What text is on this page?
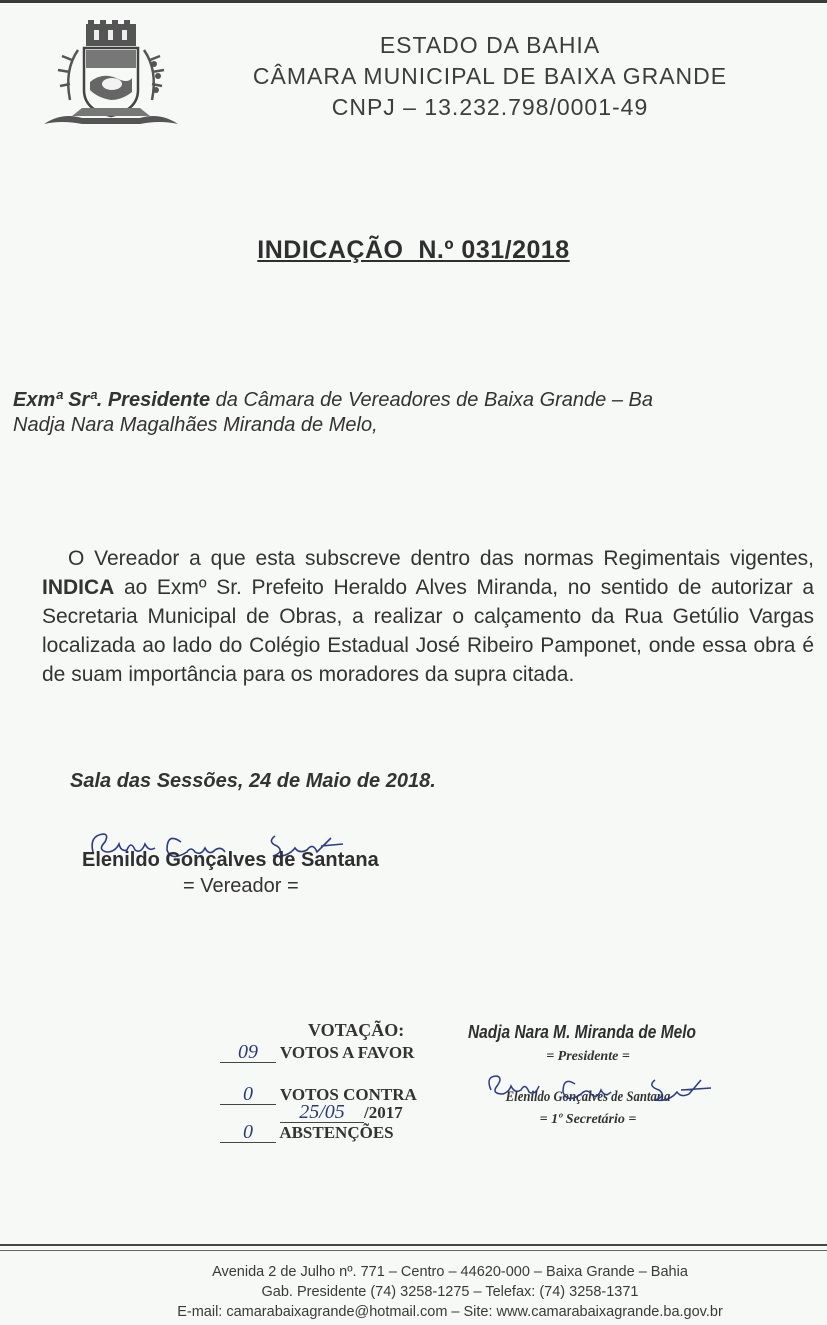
ESTADO DA BAHIA
CÂMARA MUNICIPAL DE BAIXA GRANDE
CNPJ – 13.232.798/0001-49
INDICAÇÃO  N.º 031/2018
Exmª Srª. Presidente da Câmara de Vereadores de Baixa Grande – Ba
Nadja Nara Magalhães Miranda de Melo,
O Vereador a que esta subscreve dentro das normas Regimentais vigentes, INDICA ao Exmº Sr. Prefeito Heraldo Alves Miranda, no sentido de autorizar a Secretaria Municipal de Obras, a realizar o calçamento da Rua Getúlio Vargas localizada ao lado do Colégio Estadual José Ribeiro Pamponet, onde essa obra é de suam importância para os moradores da supra citada.
Sala das Sessões, 24 de Maio de 2018.
Elenildo Gonçalves de Santana
= Vereador =
VOTAÇÃO:
09 VOTOS A FAVOR
0 VOTOS CONTRA
25/05 /2017
0 ABSTENÇÕES
Nadja Nara M. Miranda de Melo
= Presidente =
Elenildo Gonçalves de Santana
= 1º Secretário =
Avenida 2 de Julho nº. 771 – Centro – 44620-000 – Baixa Grande – Bahia
Gab. Presidente (74) 3258-1275 – Telefax: (74) 3258-1371
E-mail: camarabaixagrande@hotmail.com – Site: www.camarabaixagrande.ba.gov.br
